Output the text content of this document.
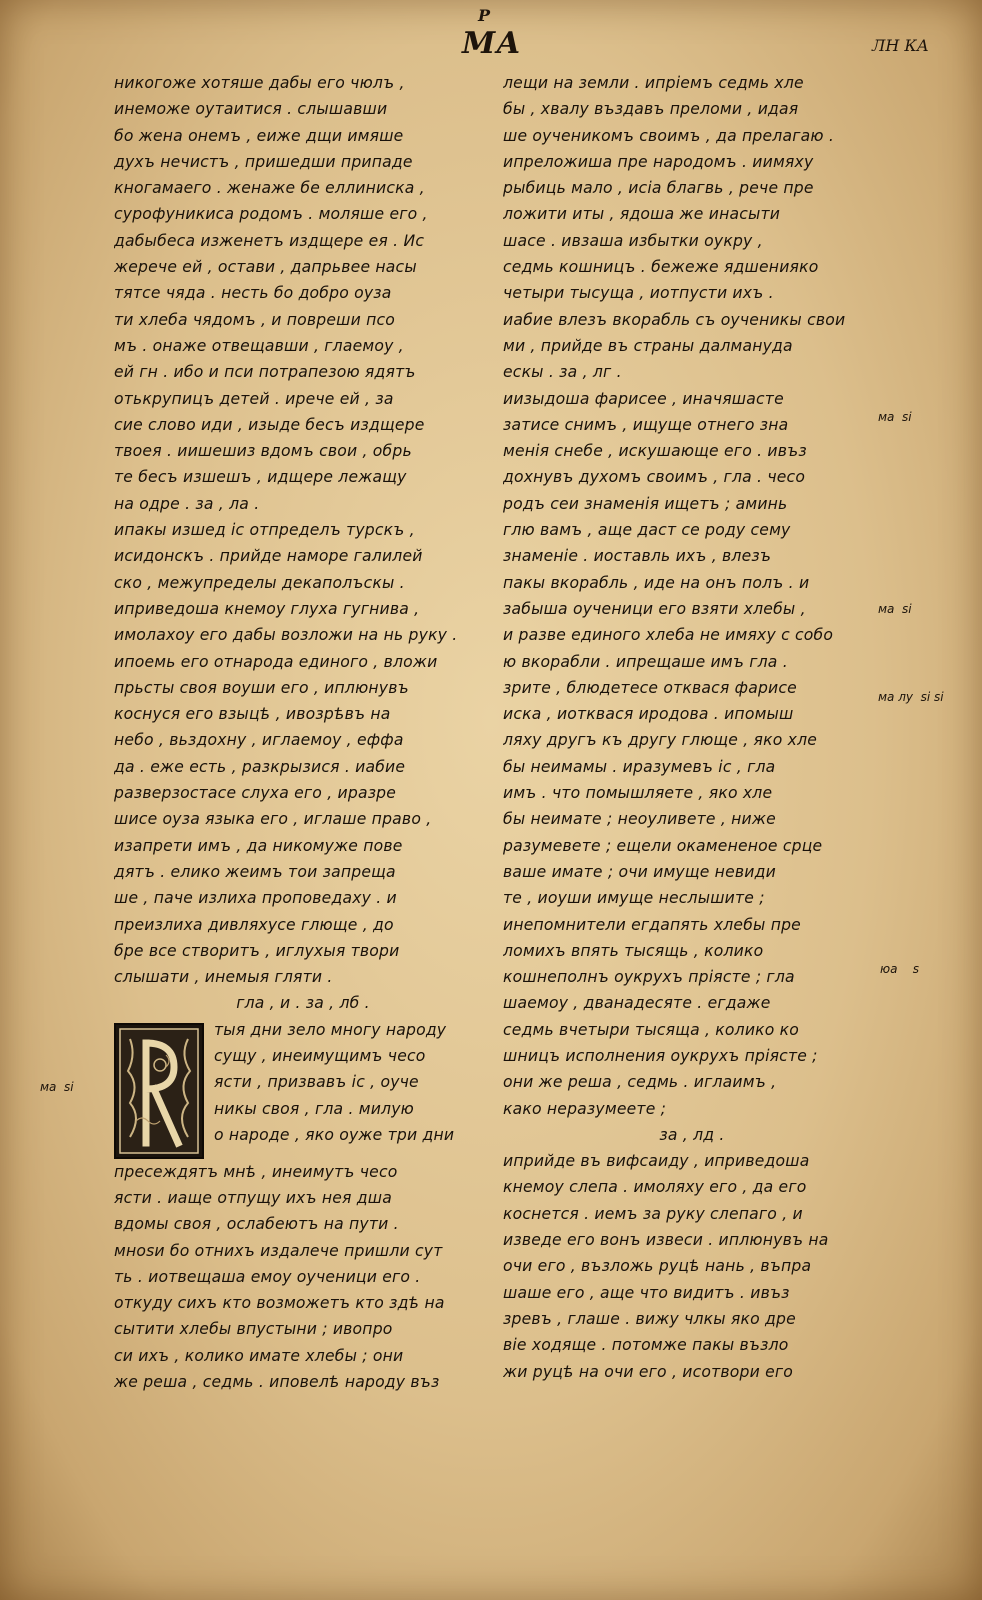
Р
МА	ЛН КА
никогоже хотяше дабы его чюлъ ,
инеможе оутаитися . слышавши
бо жена онемъ , еиже дщи имяше
духъ нечистъ , пришедши припаде
кногамаего . женаже бе еллиниска ,
сурофуникиса родомъ . моляше его ,
дабыбеса изженетъ издщере ея . Ис
жерече ей , остави , дапрьвее насы
тятсе чяда . несть бо добро оуза
ти хлеба чядомъ , и повреши псо
мъ . онаже отвещавши , глаемоу ,
ей гн . ибо и пси потрапезою ядятъ
отькрупицъ детей . ирече ей , за
сие слово иди , изыде бесъ издщере
твоея . иишешиз вдомъ свои , обрь
те бесъ изшешъ , идщере лежащу
на одре . за , ла .
ипакы изшед іс отпределъ турскъ ,
исидонскъ . прийде наморе галилей
ско , межупределы декаполъскы .
иприведоша кнемоу глуха гугнива ,
имолахоу его дабы возложи на нь руку .
ипоемь его отнарода единого , вложи
прьсты своя воуши его , иплюнувъ
коснуся его взыцѣ , ивозрѣвъ на
небо , вьздохну , иглаемоу , еффа
да . еже есть , разкрызися . иабие
разверзостасе слуха его , иразре
шисе оуза языка его , иглаше право ,
изапрети имъ , да никомуже пове
дятъ . елико жеимъ тои запреща
ше , паче излиха проповедаху . и
преизлиха дивляхусе глющe , до
бре все створитъ , иглухыя твори
слышати , инемыя гляти .
гла , и . за , лб .
тыя дни зело многу народу
сущу , инеимущимъ чесо
ясти , призвавъ іс , оуче
никы своя , гла . милую
о народе , яко оуже три дни
пресеждятъ мнѣ , инеимутъ чесо
ясти . иаще отпущу ихъ нея дша
вдомы своя , ослабеютъ на пути .
мноѕи бо отнихъ издалече пришли сут
ть . иотвещашa емоу оученици его .
откуду сихъ кто возможетъ кто здѣ на
сытити хлебы впустыни ; ивопро
си ихъ , колико имате хлебы ; они
же реша , седмь . иповелѣ народу въз
лещи на земли . ипріемъ седмь хле
бы , хвалу въздавъ преломи , идая
ше оученикомъ своимъ , да прелагаю .
ипреложиша пре народомъ . иимяху
рыбиць мало , исіа благвь , рече пре
ложити иты , ядоша же инасыти
шасе . ивзаша избытки оукру ,
седмь кошницъ . бежеже ядшенияко
четыри тысуща , иотпусти ихъ .
иабие влезъ вкорабль съ оученикы свои
ми , прийде въ страны далмануда
ескы . за , лг .
иизыдоша фарисее , иначяшасте
затисе снимъ , ищуще отнего зна
менія снебе , искушающе его . ивъз
дохнувъ духомъ своимъ , гла . чесо
родъ сеи знаменія ищетъ ; аминь
глю вамъ , аще даст се роду сему
знаменіе . иоставль ихъ , влезъ
пакы вкорабль , иде на онъ полъ . и
забыша оученици его взяти хлебы ,
и разве единого хлеба не имяху с собо
ю вкорабли . ипрещаше имъ гла .
зрите , блюдетесе отквася фарисе
иска , иотквася иродова . ипомыш
ляху другъ къ другу глюще , яко хле
бы неимамы . иразумевъ іс , гла
имъ . что помышляете , яко хле
бы неимате ; неоуливете , ниже
разумевете ; ещели окамененое срце
ваше имате ; очи имуще невиди
те , иоуши имуще неслышите ;
инепомнители егдапять хлебы пре
ломихъ впять тысящь , колико
кошнеполнъ оукрухъ пріясте ; гла
шаемоу , дванадесяте . егдаже
седмь вчетыри тысяща , колико ко
шницъ исполнения оукрухъ пріясте ;
они же реша , седмь . иглаимъ ,
како неразумеете ;
за , лд .
иприйде въ вифсаиду , иприведоша
кнемоу слепа . имоляху его , да его
коснется . иемъ за руку слепаго , и
изведе его вонъ извеси . иплюнувъ на
очи его , възложь руцѣ нань , въпра
шаше его , аще что видитъ . ивъз
зревъ , глаше . вижу члкы яко дре
віе ходяще . потомже пакы възло
жи руцѣ на очи его , исотвори его
ма ѕі
ма ѕі
ма лу ѕі ѕі
юа ѕ
ма ѕі
